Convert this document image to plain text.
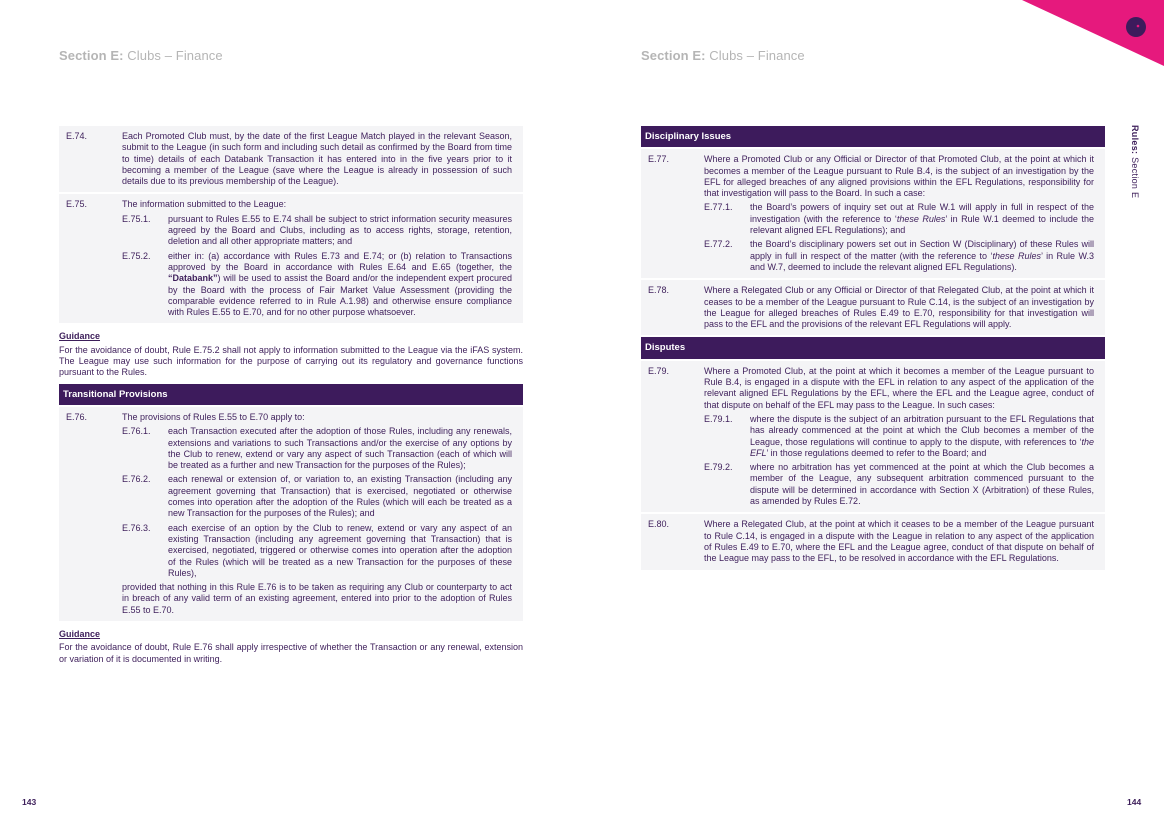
Section E: Clubs – Finance	Section E: Clubs – Finance
Rules: Section E
E.74.	Each Promoted Club must, by the date of the first League Match played in the relevant Season, submit to the League (in such form and including such detail as confirmed by the Board from time to time) details of each Databank Transaction it has entered into in the five years prior to it becoming a member of the League (save where the League is already in possession of such details due to its previous membership of the League).
E.75.	The information submitted to the League:
E.75.1.	pursuant to Rules E.55 to E.74 shall be subject to strict information security measures agreed by the Board and Clubs, including as to access rights, storage, retention, deletion and all other appropriate matters; and
E.75.2.	either in: (a) accordance with Rules E.73 and E.74; or (b) relation to Transactions approved by the Board in accordance with Rules E.64 and E.65 (together, the “Databank”) will be used to assist the Board and/or the independent expert procured by the Board with the process of Fair Market Value Assessment (providing the comparable evidence referred to in Rule A.1.98) and otherwise ensure compliance with Rules E.55 to E.70, and for no other purpose whatsoever.
Guidance
For the avoidance of doubt, Rule E.75.2 shall not apply to information submitted to the League via the iFAS system. The League may use such information for the purpose of carrying out its regulatory and governance functions pursuant to the Rules.
Transitional Provisions
E.76.	The provisions of Rules E.55 to E.70 apply to:
E.76.1.	each Transaction executed after the adoption of those Rules, including any renewals, extensions and variations to such Transactions and/or the exercise of any options by the Club to renew, extend or vary any aspect of such Transaction (each of which will be treated as a further and new Transaction for the purposes of the Rules);
E.76.2.	each renewal or extension of, or variation to, an existing Transaction (including any agreement governing that Transaction) that is exercised, negotiated or otherwise comes into operation after the adoption of the Rules (which will each be treated as a new Transaction for the purposes of the Rules); and
E.76.3.	each exercise of an option by the Club to renew, extend or vary any aspect of an existing Transaction (including any agreement governing that Transaction) that is exercised, negotiated, triggered or otherwise comes into operation after the adoption of the Rules (which will be treated as a new Transaction for the purposes of these Rules),
provided that nothing in this Rule E.76 is to be taken as requiring any Club or counterparty to act in breach of any valid term of an existing agreement, entered into prior to the adoption of Rules E.55 to E.70.
Guidance
For the avoidance of doubt, Rule E.76 shall apply irrespective of whether the Transaction or any renewal, extension or variation of it is documented in writing.
Disciplinary Issues
E.77.	Where a Promoted Club or any Official or Director of that Promoted Club, at the point at which it becomes a member of the League pursuant to Rule B.4, is the subject of an investigation by the EFL for alleged breaches of any aligned provisions within the EFL Regulations, responsibility for that investigation will pass to the Board. In such a case:
E.77.1.	the Board’s powers of inquiry set out at Rule W.1 will apply in full in respect of the investigation (with the reference to ‘these Rules’ in Rule W.1 deemed to include the relevant aligned EFL Regulations); and
E.77.2.	the Board’s disciplinary powers set out in Section W (Disciplinary) of these Rules will apply in full in respect of the matter (with the reference to ‘these Rules’ in Rule W.3 and W.7, deemed to include the relevant aligned EFL Regulations).
E.78.	Where a Relegated Club or any Official or Director of that Relegated Club, at the point at which it ceases to be a member of the League pursuant to Rule C.14, is the subject of an investigation by the League for alleged breaches of Rules E.49 to E.70, responsibility for that investigation will pass to the EFL and the provisions of the relevant EFL Regulations will apply.
Disputes
E.79.	Where a Promoted Club, at the point at which it becomes a member of the League pursuant to Rule B.4, is engaged in a dispute with the EFL in relation to any aspect of the application of the relevant aligned EFL Regulations by the EFL, where the EFL and the League agree, conduct of that dispute on behalf of the EFL may pass to the League. In such cases:
E.79.1.	where the dispute is the subject of an arbitration pursuant to the EFL Regulations that has already commenced at the point at which the Club becomes a member of the League, those regulations will continue to apply to the dispute, with references to ‘the EFL’ in those regulations deemed to refer to the Board; and
E.79.2.	where no arbitration has yet commenced at the point at which the Club becomes a member of the League, any subsequent arbitration commenced pursuant to the dispute will be determined in accordance with Section X (Arbitration) of these Rules, as amended by Rules E.72.
E.80.	Where a Relegated Club, at the point at which it ceases to be a member of the League pursuant to Rule C.14, is engaged in a dispute with the League in relation to any aspect of the application of Rules E.49 to E.70, where the EFL and the League agree, conduct of that dispute on behalf of the League may pass to the EFL, to be resolved in accordance with the EFL Regulations.
143	144
